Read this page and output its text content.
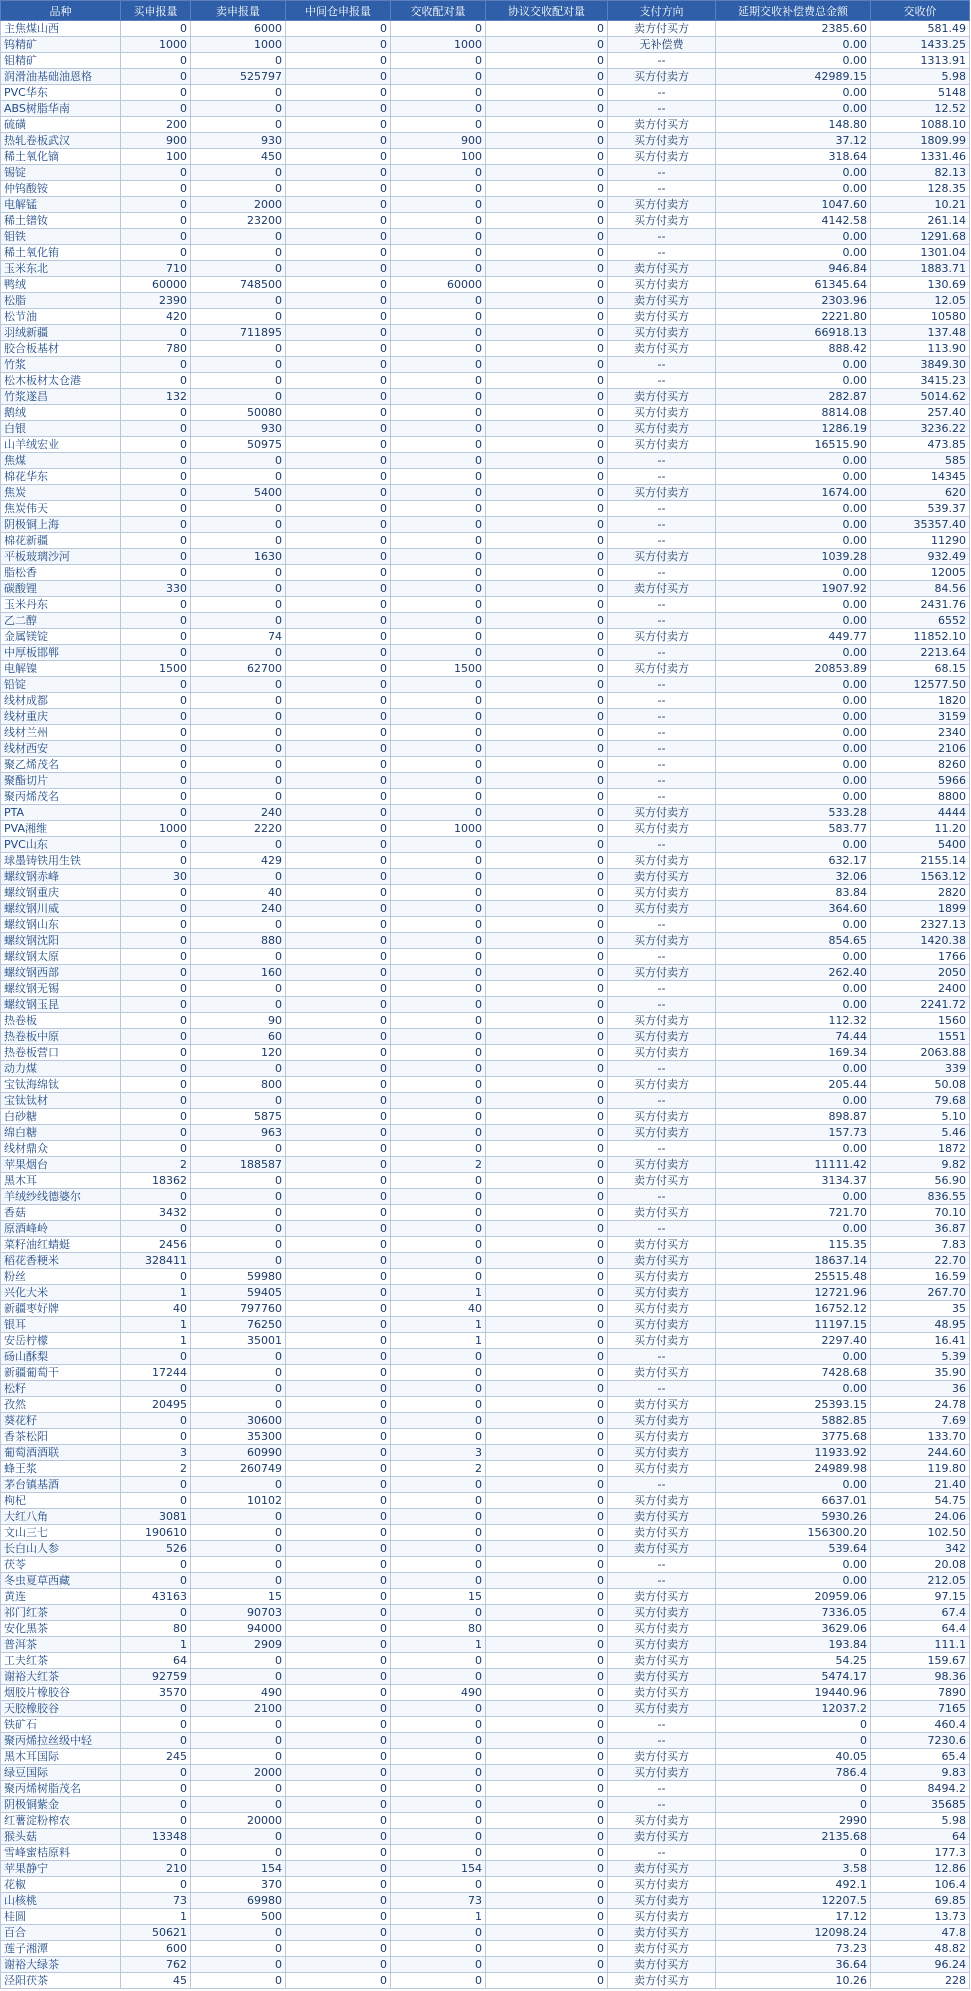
品种	买申报量	卖申报量	中间仓申报量	交收配对量	协议交收配对量	支付方向	延期交收补偿费总金额	交收价
主焦煤山西	0	6000	0	0	0	卖方付买方	2385.60	581.49
钨精矿	1000	1000	0	1000	0	无补偿费	0.00	1433.25
钼精矿	0	0	0	0	0	--	0.00	1313.91
润滑油基础油恩格	0	525797	0	0	0	买方付卖方	42989.15	5.98
PVC华东	0	0	0	0	0	--	0.00	5148
ABS树脂华南	0	0	0	0	0	--	0.00	12.52
硫磺	200	0	0	0	0	卖方付买方	148.80	1088.10
热轧卷板武汉	900	930	0	900	0	买方付卖方	37.12	1809.99
稀土氧化镝	100	450	0	100	0	买方付卖方	318.64	1331.46
锡锭	0	0	0	0	0	--	0.00	82.13
仲钨酸铵	0	0	0	0	0	--	0.00	128.35
电解锰	0	2000	0	0	0	买方付卖方	1047.60	10.21
稀土镨钕	0	23200	0	0	0	买方付卖方	4142.58	261.14
钼铁	0	0	0	0	0	--	0.00	1291.68
稀土氧化铕	0	0	0	0	0	--	0.00	1301.04
玉米东北	710	0	0	0	0	卖方付买方	946.84	1883.71
鸭绒	60000	748500	0	60000	0	买方付卖方	61345.64	130.69
松脂	2390	0	0	0	0	卖方付买方	2303.96	12.05
松节油	420	0	0	0	0	卖方付买方	2221.80	10580
羽绒新疆	0	711895	0	0	0	买方付卖方	66918.13	137.48
胶合板基材	780	0	0	0	0	卖方付买方	888.42	113.90
竹浆	0	0	0	0	0	--	0.00	3849.30
松木板材太仓港	0	0	0	0	0	--	0.00	3415.23
竹浆遂昌	132	0	0	0	0	卖方付买方	282.87	5014.62
鹅绒	0	50080	0	0	0	买方付卖方	8814.08	257.40
白银	0	930	0	0	0	买方付卖方	1286.19	3236.22
山羊绒宏业	0	50975	0	0	0	买方付卖方	16515.90	473.85
焦煤	0	0	0	0	0	--	0.00	585
棉花华东	0	0	0	0	0	--	0.00	14345
焦炭	0	5400	0	0	0	买方付卖方	1674.00	620
焦炭伟天	0	0	0	0	0	--	0.00	539.37
阴极铜上海	0	0	0	0	0	--	0.00	35357.40
棉花新疆	0	0	0	0	0	--	0.00	11290
平板玻璃沙河	0	1630	0	0	0	买方付卖方	1039.28	932.49
脂松香	0	0	0	0	0	--	0.00	12005
碳酸锂	330	0	0	0	0	卖方付买方	1907.92	84.56
玉米丹东	0	0	0	0	0	--	0.00	2431.76
乙二醇	0	0	0	0	0	--	0.00	6552
金属镁锭	0	74	0	0	0	买方付卖方	449.77	11852.10
中厚板邯郸	0	0	0	0	0	--	0.00	2213.64
电解镍	1500	62700	0	1500	0	买方付卖方	20853.89	68.15
铅锭	0	0	0	0	0	--	0.00	12577.50
线材成都	0	0	0	0	0	--	0.00	1820
线材重庆	0	0	0	0	0	--	0.00	3159
线材兰州	0	0	0	0	0	--	0.00	2340
线材西安	0	0	0	0	0	--	0.00	2106
聚乙烯茂名	0	0	0	0	0	--	0.00	8260
聚酯切片	0	0	0	0	0	--	0.00	5966
聚丙烯茂名	0	0	0	0	0	--	0.00	8800
PTA	0	240	0	0	0	买方付卖方	533.28	4444
PVA湘维	1000	2220	0	1000	0	买方付卖方	583.77	11.20
PVC山东	0	0	0	0	0	--	0.00	5400
球墨铸铁用生铁	0	429	0	0	0	买方付卖方	632.17	2155.14
螺纹钢赤峰	30	0	0	0	0	卖方付买方	32.06	1563.12
螺纹钢重庆	0	40	0	0	0	买方付卖方	83.84	2820
螺纹钢川威	0	240	0	0	0	买方付卖方	364.60	1899
螺纹钢山东	0	0	0	0	0	--	0.00	2327.13
螺纹钢沈阳	0	880	0	0	0	买方付卖方	854.65	1420.38
螺纹钢太原	0	0	0	0	0	--	0.00	1766
螺纹钢西部	0	160	0	0	0	买方付卖方	262.40	2050
螺纹钢无锡	0	0	0	0	0	--	0.00	2400
螺纹钢玉昆	0	0	0	0	0	--	0.00	2241.72
热卷板	0	90	0	0	0	买方付卖方	112.32	1560
热卷板中原	0	60	0	0	0	买方付卖方	74.44	1551
热卷板营口	0	120	0	0	0	买方付卖方	169.34	2063.88
动力煤	0	0	0	0	0	--	0.00	339
宝钛海绵钛	0	800	0	0	0	买方付卖方	205.44	50.08
宝钛钛材	0	0	0	0	0	--	0.00	79.68
白砂糖	0	5875	0	0	0	买方付卖方	898.87	5.10
绵白糖	0	963	0	0	0	买方付卖方	157.73	5.46
线材鼎众	0	0	0	0	0	--	0.00	1872
苹果烟台	2	188587	0	2	0	买方付卖方	11111.42	9.82
黑木耳	18362	0	0	0	0	卖方付买方	3134.37	56.90
羊绒纱线德婆尔	0	0	0	0	0	--	0.00	836.55
香菇	3432	0	0	0	0	卖方付买方	721.70	70.10
原酒峰岭	0	0	0	0	0	--	0.00	36.87
菜籽油红蜻蜓	2456	0	0	0	0	卖方付买方	115.35	7.83
稻花香粳米	328411	0	0	0	0	卖方付买方	18637.14	22.70
粉丝	0	59980	0	0	0	买方付卖方	25515.48	16.59
兴化大米	1	59405	0	1	0	买方付卖方	12721.96	267.70
新疆枣好牌	40	797760	0	40	0	买方付卖方	16752.12	35
银耳	1	76250	0	1	0	买方付卖方	11197.15	48.95
安岳柠檬	1	35001	0	1	0	买方付卖方	2297.40	16.41
砀山酥梨	0	0	0	0	0	--	0.00	5.39
新疆葡萄干	17244	0	0	0	0	卖方付买方	7428.68	35.90
松籽	0	0	0	0	0	--	0.00	36
孜然	20495	0	0	0	0	卖方付买方	25393.15	24.78
葵花籽	0	30600	0	0	0	买方付卖方	5882.85	7.69
香茶松阳	0	35300	0	0	0	买方付卖方	3775.68	133.70
葡萄酒酒联	3	60990	0	3	0	买方付卖方	11933.92	244.60
蜂王浆	2	260749	0	2	0	买方付卖方	24989.98	119.80
茅台镇基酒	0	0	0	0	0	--	0.00	21.40
枸杞	0	10102	0	0	0	买方付卖方	6637.01	54.75
大红八角	3081	0	0	0	0	卖方付买方	5930.26	24.06
文山三七	190610	0	0	0	0	卖方付买方	156300.20	102.50
长白山人参	526	0	0	0	0	卖方付买方	539.64	342
茯苓	0	0	0	0	0	--	0.00	20.08
冬虫夏草西藏	0	0	0	0	0	--	0.00	212.05
黄连	43163	15	0	15	0	卖方付买方	20959.06	97.15
祁门红茶	0	90703	0	0	0	买方付卖方	7336.05	67.4
安化黑茶	80	94000	0	80	0	买方付卖方	3629.06	64.4
普洱茶	1	2909	0	1	0	买方付卖方	193.84	111.1
工夫红茶	64	0	0	0	0	卖方付买方	54.25	159.67
谢裕大红茶	92759	0	0	0	0	卖方付买方	5474.17	98.36
烟胶片橡胶谷	3570	490	0	490	0	卖方付买方	19440.96	7890
天胶橡胶谷	0	2100	0	0	0	买方付卖方	12037.2	7165
铁矿石	0	0	0	0	0	--	0	460.4
聚丙烯拉丝级中轻	0	0	0	0	0	--	0	7230.6
黑木耳国际	245	0	0	0	0	卖方付买方	40.05	65.4
绿豆国际	0	2000	0	0	0	买方付卖方	786.4	9.83
聚丙烯树脂茂名	0	0	0	0	0	--	0	8494.2
阴极铜紫金	0	0	0	0	0	--	0	35685
红薯淀粉榨农	0	20000	0	0	0	买方付卖方	2990	5.98
猴头菇	13348	0	0	0	0	卖方付买方	2135.68	64
雪峰蜜桔原料	0	0	0	0	0	--	0	177.3
苹果静宁	210	154	0	154	0	卖方付买方	3.58	12.86
花椒	0	370	0	0	0	买方付卖方	492.1	106.4
山核桃	73	69980	0	73	0	买方付卖方	12207.5	69.85
桂圆	1	500	0	1	0	买方付卖方	17.12	13.73
百合	50621	0	0	0	0	卖方付买方	12098.24	47.8
莲子湘潭	600	0	0	0	0	卖方付买方	73.23	48.82
谢裕大绿茶	762	0	0	0	0	卖方付买方	36.64	96.24
泾阳茯茶	45	0	0	0	0	卖方付买方	10.26	228
